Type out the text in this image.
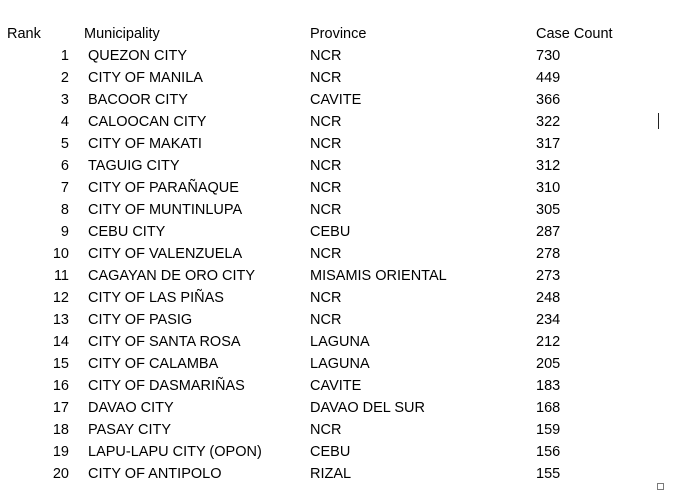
Rank	Municipality	Province	Case Count
1 QUEZON CITY	NCR	730
2 CITY OF MANILA	NCR	449
3 BACOOR CITY	CAVITE	366
4 CALOOCAN CITY	NCR	322
5 CITY OF MAKATI	NCR	317
6 TAGUIG CITY	NCR	312
7 CITY OF PARAÑAQUE	NCR	310
8 CITY OF MUNTINLUPA	NCR	305
9 CEBU CITY	CEBU	287
10 CITY OF VALENZUELA	NCR	278
11 CAGAYAN DE ORO CITY	MISAMIS ORIENTAL	273
12 CITY OF LAS PIÑAS	NCR	248
13 CITY OF PASIG	NCR	234
14 CITY OF SANTA ROSA	LAGUNA	212
15 CITY OF CALAMBA	LAGUNA	205
16 CITY OF DASMARIÑAS	CAVITE	183
17 DAVAO CITY	DAVAO DEL SUR	168
18 PASAY CITY	NCR	159
19 LAPU-LAPU CITY (OPON)	CEBU	156
20 CITY OF ANTIPOLO	RIZAL	155
